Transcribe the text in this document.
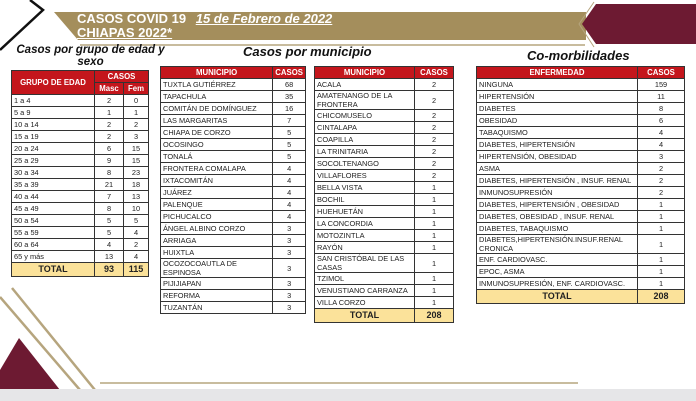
CASOS COVID 19 15 de Febrero de 2022
CHIAPAS 2022*
Casos por grupo de edad y sexo
Casos por municipio	Co-morbilidades
GRUPO DE EDAD	CASOS	
	Masc	Fem
1 a 4	2	0
5 a 9	1	1
10 a 14	2	2
15 a 19	2	3
20 a 24	6	15
25 a 29	9	15
30 a 34	8	23
35 a 39	21	18
40 a 44	7	13
45 a 49	8	10
50 a 54	5	5
55 a 59	5	4
60 a 64	4	2
65 y más	13	4
TOTAL	93	115
MUNICIPIO	CASOS
TUXTLA GUTIÉRREZ	68
TAPACHULA	35
COMITÁN DE DOMÍNGUEZ	16
LAS MARGARITAS	7
CHIAPA DE CORZO	5
OCOSINGO	5
TONALÁ	5
FRONTERA COMALAPA	4
IXTACOMITÁN	4
JUÁREZ	4
PALENQUE	4
PICHUCALCO	4
ÁNGEL ALBINO CORZO	3
ARRIAGA	3
HUIXTLA	3
OCOZOCOAUTLA DE ESPINOSA	3
PIJIJIAPAN	3
REFORMA	3
TUZANTÁN	3
MUNICIPIO	CASOS
ACALA	2
AMATENANGO DE LA FRONTERA	2
CHICOMUSELO	2
CINTALAPA	2
COAPILLA	2
LA TRINITARIA	2
SOCOLTENANGO	2
VILLAFLORES	2
BELLA VISTA	1
BOCHIL	1
HUEHUETÁN	1
LA CONCORDIA	1
MOTOZINTLA	1
RAYÓN	1
SAN CRISTÓBAL DE LAS CASAS	1
TZIMOL	1
VENUSTIANO CARRANZA	1
VILLA CORZO	1
TOTAL	208
ENFERMEDAD	CASOS
NINGUNA	159
HIPERTENSIÓN	11
DIABETES	8
OBESIDAD	6
TABAQUISMO	4
DIABETES, HIPERTENSIÓN	4
HIPERTENSIÓN, OBESIDAD	3
ASMA	2
DIABETES, HIPERTENSIÓN , INSUF. RENAL	2
INMUNOSUPRESIÓN	2
DIABETES, HIPERTENSIÓN , OBESIDAD	1
DIABETES, OBESIDAD , INSUF. RENAL	1
DIABETES, TABAQUISMO	1
DIABETES,HIPERTENSIÓN.INSUF.RENAL CRONICA	1
ENF. CARDIOVASC.	1
EPOC, ASMA	1
INMUNOSUPRESIÓN, ENF. CARDIOVASC.	1
TOTAL	208
